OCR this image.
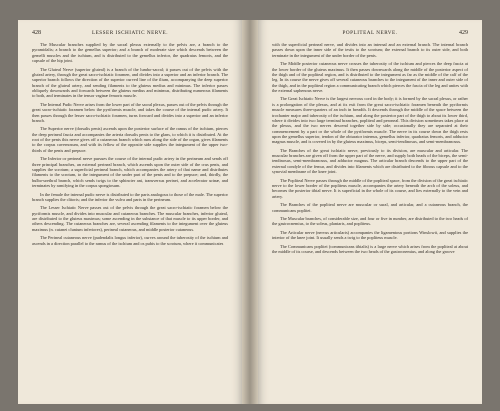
428	LESSER ISCHIATIC NERVE.

The Muscular branches supplied by the sacral plexus externally to the pelvis are, a branch to the pyramidalis; a branch to the gemellus superior; and a branch of moderate size which descends between the gemelli muscles and the ischium, and is distributed to the gemellus inferior, the quadratus femoris, and the capsule of the hip joint.

The Gluteal Nerve (superior gluteal) is a branch of the lumbo-sacral; it passes out of the pelvis with the gluteal artery, through the great sacro-ischiatic foramen, and divides into a superior and an inferior branch. The superior branch follows the direction of the superior curved line of the ilium, accompanying the deep superior branch of the gluteal artery, and sending filaments to the gluteus medius and minimus. The inferior passes obliquely downwards and forwards between the gluteus medius and minimus, distributing numerous filaments to both, and terminates in the tensor vaginæ femoris muscle.

The Internal Pudic Nerve arises from the lower part of the sacral plexus, passes out of the pelvis through the great sacro-ischiatic foramen below the pyriformis muscle, and takes the course of the internal pudic artery. It then passes through the lesser sacro-ischiatic foramen, turns forward and divides into a superior and an inferior branch.

The Superior nerve (dorsalis penis) ascends upon the posterior surface of the ramus of the ischium, pierces the deep perineal fascia and accompanies the arteria dorsalis penis to the glans, to which it is distributed. At the root of the penis this nerve gives off a cutaneous branch which runs along the side of the organ, gives filaments to the corpus cavernosum, and with its fellow of the opposite side supplies the integument of the upper two-thirds of the penis and prepuce.

The Inferior or perineal nerve pursues the course of the internal pudic artery in the perineum and sends off three principal branches, an external perineal branch, which ascends upon the outer side of the crus penis, and supplies the scrotum; a superficial perineal branch, which accompanies the artery of that name and distributes filaments to the scrotum, to the integument of the under part of the penis and to the prepuce; and, thirdly, the bulbo-urethral branch, which sends twigs to the sphincter ani, transversus perinei, and accelerator urinæ, and terminates by ramifying in the corpus spongiosum.

In the female the internal pudic nerve is distributed to the parts analogous to those of the male. The superior branch supplies the clitoris; and the inferior the vulva and parts in the perineum.

The Lesser Ischiatic Nerve passes out of the pelvis through the great sacro-ischiatic foramen below the pyriformis muscle, and divides into muscular and cutaneous branches. The muscular branches, inferior gluteal, are distributed to the gluteus maximus; some ascending in the substance of that muscle to its upper border, and others descending. The cutaneous branches are, several ascending filaments to the integument over the gluteus maximus (n. cutanei clunium inferiores), perineal cutaneous, and middle posterior cutaneous.

The Perineal cutaneous nerve (pudendalis longus inferior), curves around the tuberosity of the ischium and ascends in a direction parallel to the ramus of the ischium and os pubis to the scrotum, where it communicates

POPLITEAL NERVE.	429

with the superficial perineal nerve, and divides into an internal and an external branch. The internal branch passes down upon the inner side of the testis to the scrotum; the external branch to its outer side, and both terminate in the integument of the under border of the penis.

The Middle posterior cutaneous nerve crosses the tuberosity of the ischium and pierces the deep fascia at the lower border of the gluteus maximus. It then passes downwards along the middle of the posterior aspect of the thigh and of the popliteal region, and is distributed to the integument as far as the middle of the calf of the leg. In its course the nerve gives off several cutaneous branches to the integument of the inner and outer side of the thigh, and in the popliteal region a communicating branch which pierces the fascia of the leg and unites with the external saphenous nerve.

The Great Ischiatic Nerve is the largest nervous cord in the body; it is formed by the sacral plexus, or rather is a prolongation of the plexus, and at its exit from the great sacro-ischiatic foramen beneath the pyriformis muscle measures three-quarters of an inch in breadth. It descends through the middle of the space between the trochanter major and tuberosity of the ischium, and along the posterior part of the thigh to about its lower third, where it divides into two large terminal branches, popliteal and peroneal. This division sometimes takes place at the plexus, and the two nerves descend together side by side; occasionally they are separated at their commencement by a part or the whole of the pyriformis muscle. The nerve in its course down the thigh rests upon the gemellus superior, tendon of the obturator internus, gemellus inferior, quadratus femoris, and adductor magnus muscle, and is covered in by the gluteus maximus, biceps, semi-tendinosus, and semi-membranosus.

The Branches of the great ischiatic nerve, previously to its division, are muscular and articular. The muscular branches are given off from the upper part of the nerve, and supply both heads of the biceps, the semi-tendinosus, semi-membranosus, and adductor magnus. The articular branch descends to the upper part of the external condyle of the femur, and divides into filaments which are distributed to the fibrous capsule and to the synovial membrane of the knee joint.

The Popliteal Nerve passes through the middle of the popliteal space, from the division of the great ischiatic nerve to the lower border of the popliteus muscle, accompanies the artery beneath the arch of the soleus, and becomes the posterior tibial nerve. It is superficial in the whole of its course, and lies externally to the vein and artery.

The Branches of the popliteal nerve are muscular or sural, and articular, and a cutaneous branch, the communicans poplitei.

The Muscular branches, of considerable size, and four or five in number, are distributed to the two heads of the gastrocnemius, to the soleus, plantaris, and popliteus.

The Articular nerve (nervus articularis) accompanies the ligamentous portions Winslowii, and supplies the interior of the knee joint. It usually sends a twig to the popliteus muscle.

The Communicans poplitei (communicans tibialis) is a large nerve which arises from the popliteal at about the middle of its course, and descends between the two heads of the gastrocnemius, and along the groove
